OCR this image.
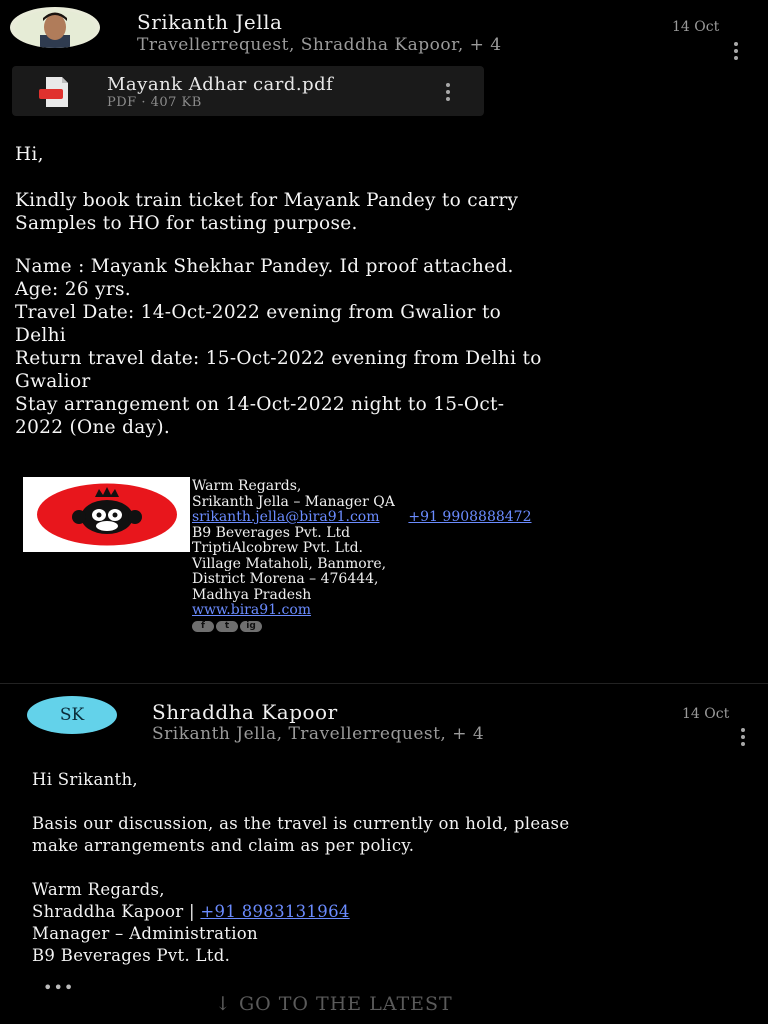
Srikanth Jella
Travellerrequest, Shraddha Kapoor, + 4
14 Oct
Mayank Adhar card.pdf
PDF · 407 KB

Hi,

Kindly book train ticket for Mayank Pandey to carry

Samples to HO for tasting purpose.

Name : Mayank Shekhar Pandey. Id proof attached.

Age: 26 yrs.

Travel Date: 14-Oct-2022 evening from Gwalior to

Delhi

Return travel date: 15-Oct-2022 evening from Delhi to

Gwalior

Stay arrangement on 14-Oct-2022 night to 15-Oct-

2022 (One day).

Warm Regards,
Srikanth Jella – Manager QA
srikanth.jella@bira91.com +91 9908888472
B9 Beverages Pvt. Ltd
TriptiAlcobrew Pvt. Ltd.
Village Mataholi, Banmore,
District Morena – 476444,
Madhya Pradesh
www.bira91.com
f	t	ig
SK	Shraddha Kapoor
Srikanth Jella, Travellerrequest, + 4
14 Oct

Hi Srikanth,

Basis our discussion, as the travel is currently on hold, please

make arrangements and claim as per policy.

Warm Regards,

Shraddha Kapoor | +91 8983131964

Manager – Administration

B9 Beverages Pvt. Ltd.

•••
↓ GO TO THE LATEST
